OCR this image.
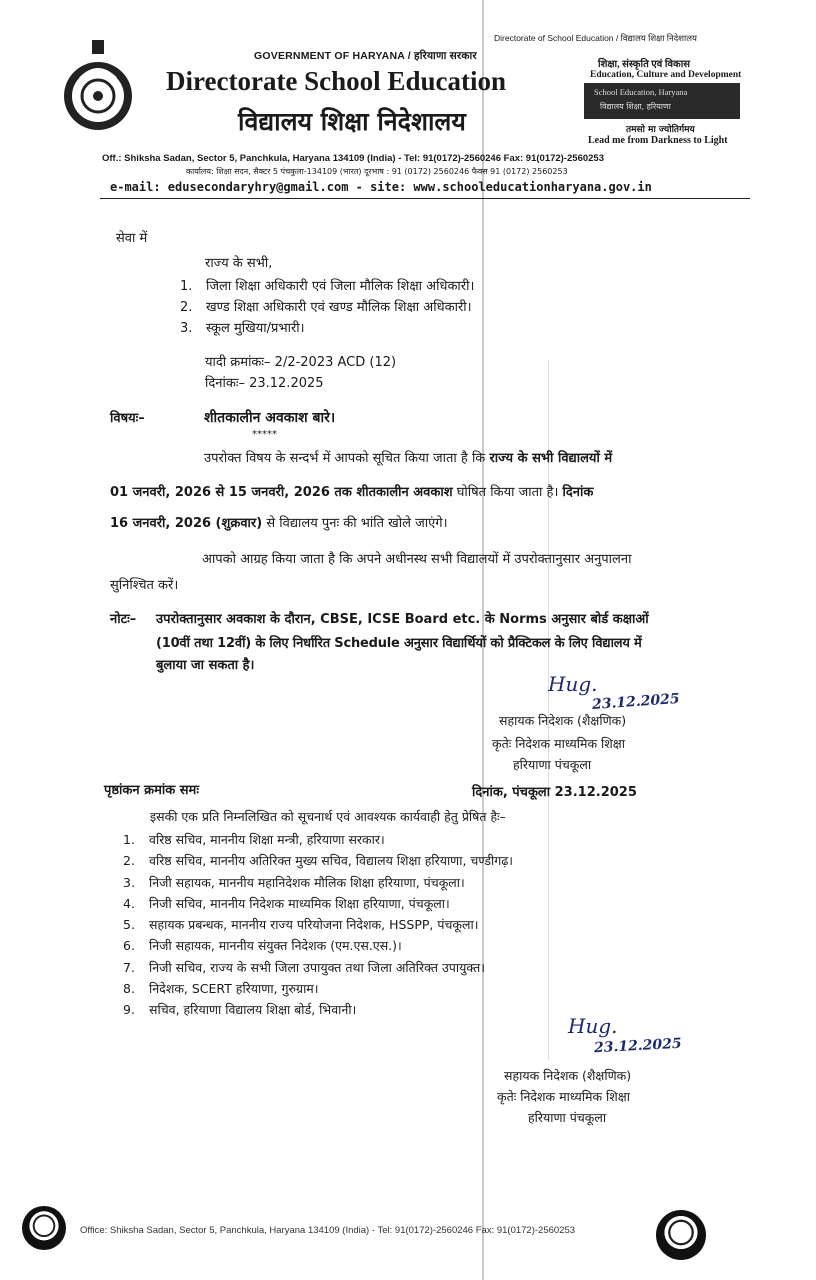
Directorate of School Education / विद्यालय शिक्षा निदेशालय
GOVERNMENT OF HARYANA / हरियाणा सरकार
Directorate School Education
विद्यालय शिक्षा निदेशालय
शिक्षा, संस्कृति एवं विकास
Education, Culture and Development
School Education, Haryana
विद्यालय शिक्षा, हरियाणा
तमसो मा ज्योतिर्गमय
Lead me from Darkness to Light
Off.: Shiksha Sadan, Sector 5, Panchkula, Haryana 134109 (India) - Tel: 91(0172)-2560246 Fax: 91(0172)-2560253
कार्यालय: शिक्षा सदन, सैक्टर 5 पंचकुला-134109 (भारत) दूरभाष : 91 (0172) 2560246 फैक्स 91 (0172) 2560253
e-mail: edusecondaryhry@gmail.com - site: www.schooleducationharyana.gov.in
सेवा में
राज्य के सभी,
1. जिला शिक्षा अधिकारी एवं जिला मौलिक शिक्षा अधिकारी।
2. खण्ड शिक्षा अधिकारी एवं खण्ड मौलिक शिक्षा अधिकारी।
3. स्कूल मुखिया/प्रभारी।
यादी क्रमांकः– 2/2-2023 ACD (12)
दिनांकः– 23.12.2025
विषयः–	शीतकालीन अवकाश बारे।
*****
उपरोक्त विषय के सन्दर्भ में आपको सूचित किया जाता है कि राज्य के सभी विद्यालयों में
01 जनवरी, 2026 से 15 जनवरी, 2026 तक शीतकालीन अवकाश घोषित किया जाता है। दिनांक
16 जनवरी, 2026 (शुक्रवार) से विद्यालय पुनः की भांति खोले जाएंगे।
आपको आग्रह किया जाता है कि अपने अधीनस्थ सभी विद्यालयों में उपरोक्तानुसार अनुपालना
सुनिश्चित करें।
नोटः– उपरोक्तानुसार अवकाश के दौरान, CBSE, ICSE Board etc. के Norms अनुसार बोर्ड कक्षाओं
(10वीं तथा 12वीं) के लिए निर्धारित Schedule अनुसार विद्यार्थियों को प्रैक्टिकल के लिए विद्यालय में
बुलाया जा सकता है।
Hug.
23.12.2025
सहायक निदेशक (शैक्षणिक)
कृतेः निदेशक माध्यमिक शिक्षा
हरियाणा पंचकूला
पृष्ठांकन क्रमांक समः	दिनांक, पंचकूला 23.12.2025
इसकी एक प्रति निम्नलिखित को सूचनार्थ एवं आवश्यक कार्यवाही हेतु प्रेषित हैः–
1. वरिष्ठ सचिव, माननीय शिक्षा मन्त्री, हरियाणा सरकार।
2. वरिष्ठ सचिव, माननीय अतिरिक्त मुख्य सचिव, विद्यालय शिक्षा हरियाणा, चण्डीगढ़।
3. निजी सहायक, माननीय महानिदेशक मौलिक शिक्षा हरियाणा, पंचकूला।
4. निजी सचिव, माननीय निदेशक माध्यमिक शिक्षा हरियाणा, पंचकूला।
5. सहायक प्रबन्धक, माननीय राज्य परियोजना निदेशक, HSSPP, पंचकूला।
6. निजी सहायक, माननीय संयुक्त निदेशक (एम.एस.एस.)।
7. निजी सचिव, राज्य के सभी जिला उपायुक्त तथा जिला अतिरिक्त उपायुक्त।
8. निदेशक, SCERT हरियाणा, गुरुग्राम।
9. सचिव, हरियाणा विद्यालय शिक्षा बोर्ड, भिवानी।
Hug.
23.12.2025
सहायक निदेशक (शैक्षणिक)
कृतेः निदेशक माध्यमिक शिक्षा
हरियाणा पंचकूला
Office: Shiksha Sadan, Sector 5, Panchkula, Haryana 134109 (India) - Tel: 91(0172)-2560246 Fax: 91(0172)-2560253
